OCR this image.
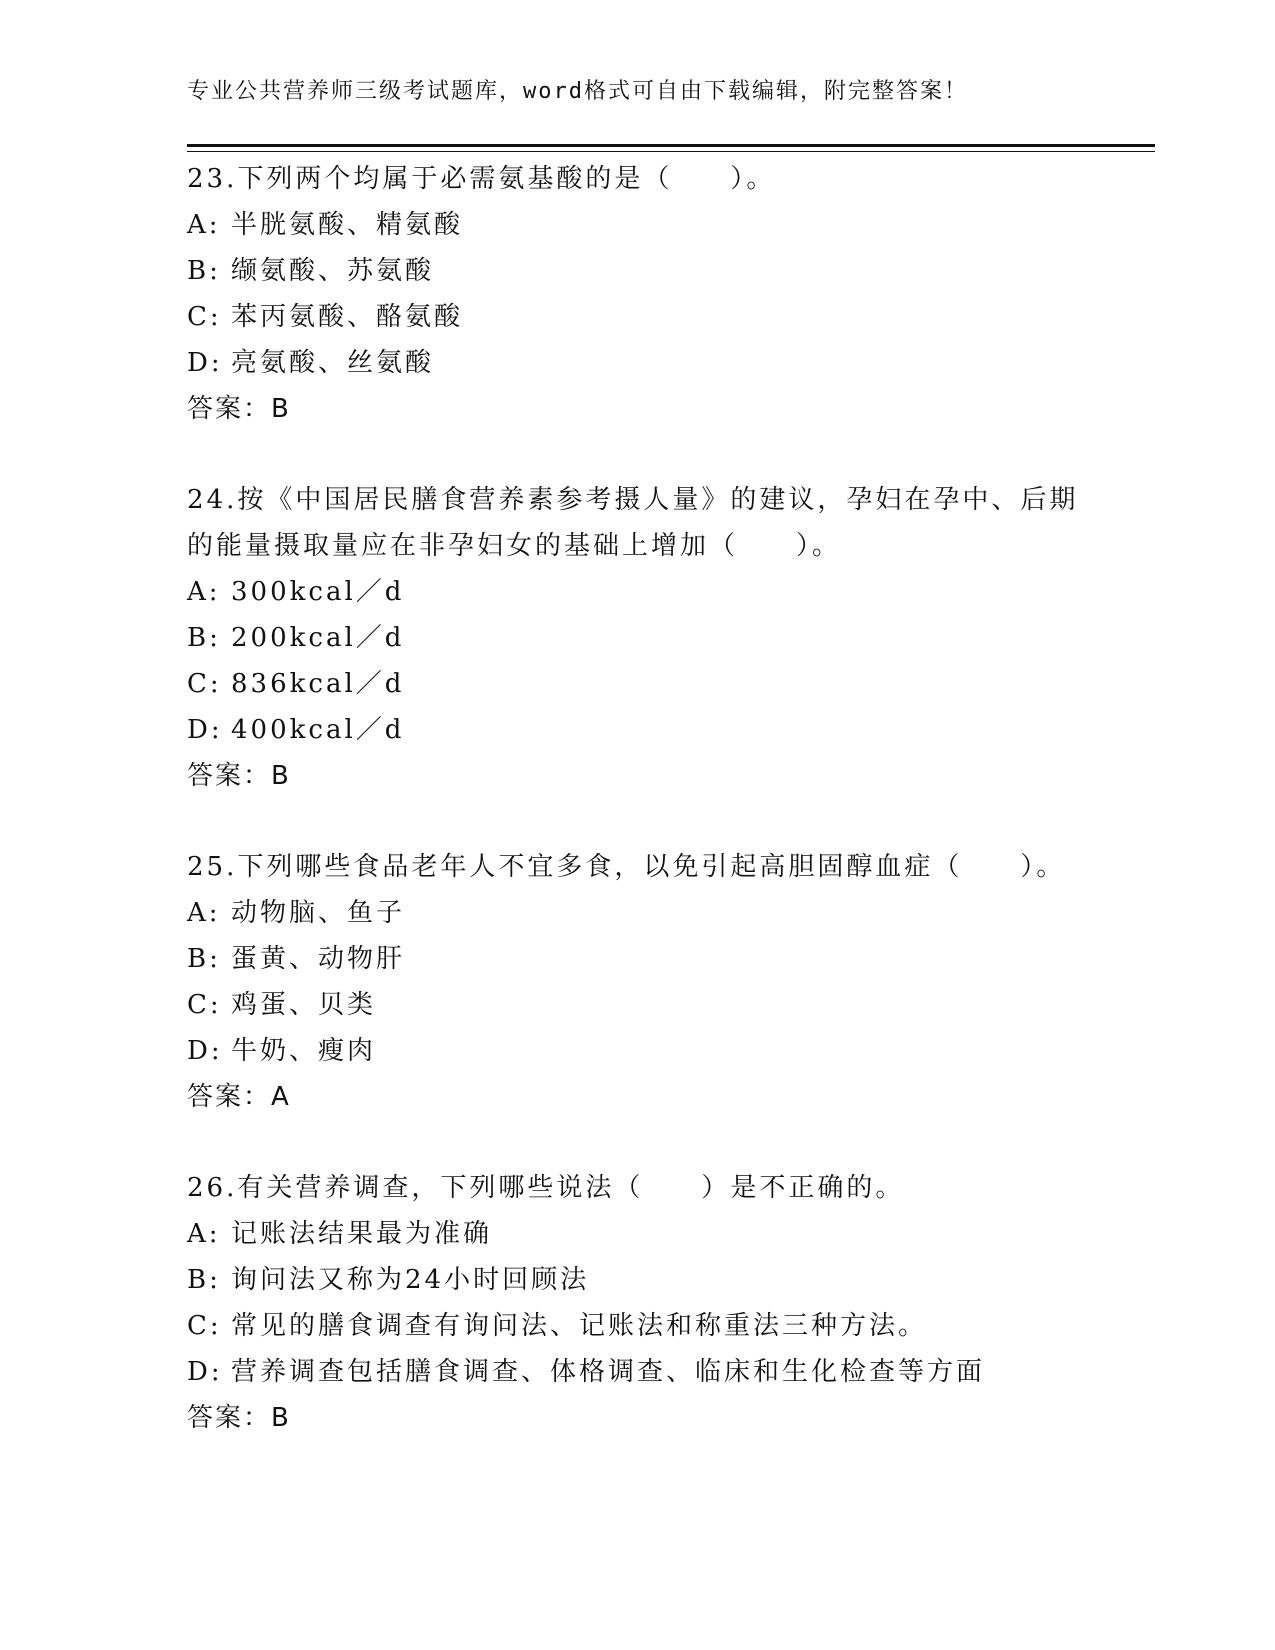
专业公共营养师三级考试题库，word格式可自由下载编辑，附完整答案！
23.下列两个均属于必需氨基酸的是（　　）。
A: 半胱氨酸、精氨酸
B: 缬氨酸、苏氨酸
C: 苯丙氨酸、酪氨酸
D: 亮氨酸、丝氨酸
答案：B
24.按《中国居民膳食营养素参考摄人量》的建议，孕妇在孕中、后期的能量摄取量应在非孕妇女的基础上增加（　　）。
A: 300kcal／d
B: 200kcal／d
C: 836kcal／d
D: 400kcal／d
答案：B
25.下列哪些食品老年人不宜多食，以免引起高胆固醇血症（　　）。
A: 动物脑、鱼子
B: 蛋黄、动物肝
C: 鸡蛋、贝类
D: 牛奶、瘦肉
答案：A
26.有关营养调查，下列哪些说法（　　）是不正确的。
A: 记账法结果最为准确
B: 询问法又称为24小时回顾法
C: 常见的膳食调查有询问法、记账法和称重法三种方法。
D: 营养调查包括膳食调查、体格调查、临床和生化检查等方面
答案：B
